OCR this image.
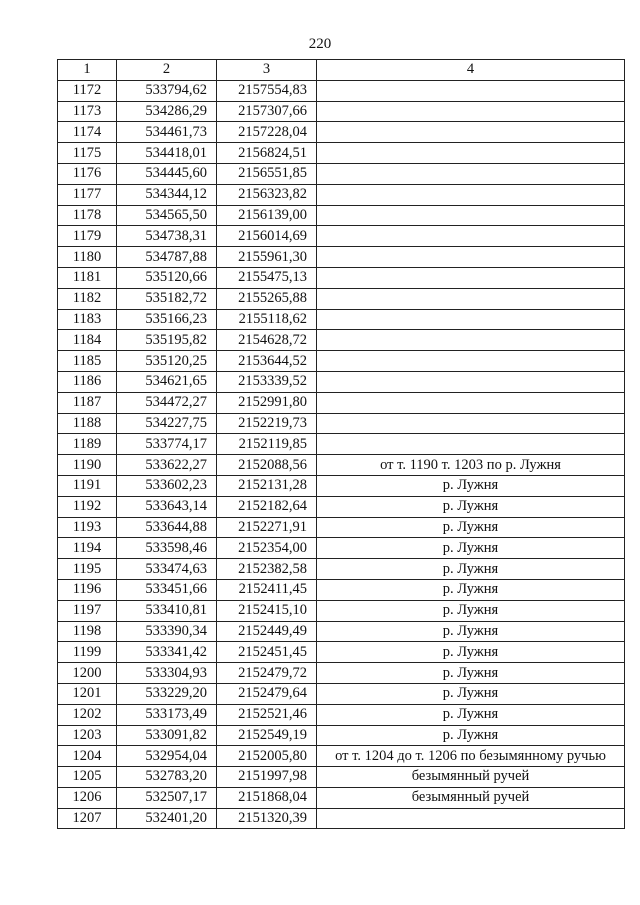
220
1	2	3	4
1172	533794,62	2157554,83	
1173	534286,29	2157307,66	
1174	534461,73	2157228,04	
1175	534418,01	2156824,51	
1176	534445,60	2156551,85	
1177	534344,12	2156323,82	
1178	534565,50	2156139,00	
1179	534738,31	2156014,69	
1180	534787,88	2155961,30	
1181	535120,66	2155475,13	
1182	535182,72	2155265,88	
1183	535166,23	2155118,62	
1184	535195,82	2154628,72	
1185	535120,25	2153644,52	
1186	534621,65	2153339,52	
1187	534472,27	2152991,80	
1188	534227,75	2152219,73	
1189	533774,17	2152119,85	
1190	533622,27	2152088,56	от т. 1190 т. 1203 по р. Лужня
1191	533602,23	2152131,28	р. Лужня
1192	533643,14	2152182,64	р. Лужня
1193	533644,88	2152271,91	р. Лужня
1194	533598,46	2152354,00	р. Лужня
1195	533474,63	2152382,58	р. Лужня
1196	533451,66	2152411,45	р. Лужня
1197	533410,81	2152415,10	р. Лужня
1198	533390,34	2152449,49	р. Лужня
1199	533341,42	2152451,45	р. Лужня
1200	533304,93	2152479,72	р. Лужня
1201	533229,20	2152479,64	р. Лужня
1202	533173,49	2152521,46	р. Лужня
1203	533091,82	2152549,19	р. Лужня
1204	532954,04	2152005,80	от т. 1204 до т. 1206 по безымянному ручью
1205	532783,20	2151997,98	безымянный ручей
1206	532507,17	2151868,04	безымянный ручей
1207	532401,20	2151320,39	
